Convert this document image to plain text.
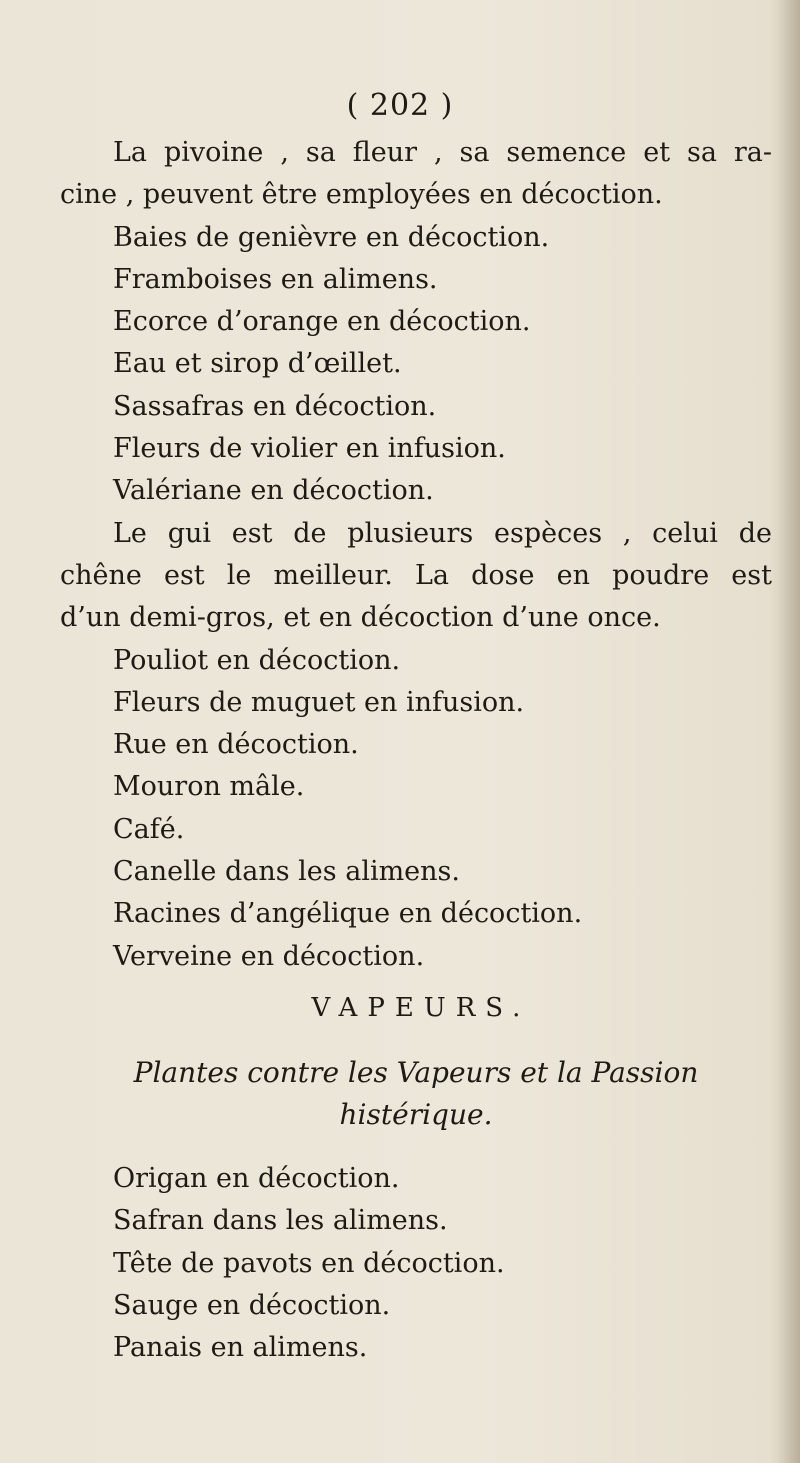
( 202 )
La pivoine , sa fleur , sa semence et sa ra-
cine , peuvent être employées en décoction.
Baies de genièvre en décoction.
Framboises en alimens.
Ecorce d’orange en décoction.
Eau et sirop d’œillet.
Sassafras en décoction.
Fleurs de violier en infusion.
Valériane en décoction.
Le gui est de plusieurs espèces , celui de
chêne est le meilleur. La dose en poudre est
d’un demi-gros, et en décoction d’une once.
Pouliot en décoction.
Fleurs de muguet en infusion.
Rue en décoction.
Mouron mâle.
Café.
Canelle dans les alimens.
Racines d’angélique en décoction.
Verveine en décoction.
VAPEURS.
Plantes contre les Vapeurs et la Passion
histérique.
Origan en décoction.
Safran dans les alimens.
Tête de pavots en décoction.
Sauge en décoction.
Panais en alimens.
